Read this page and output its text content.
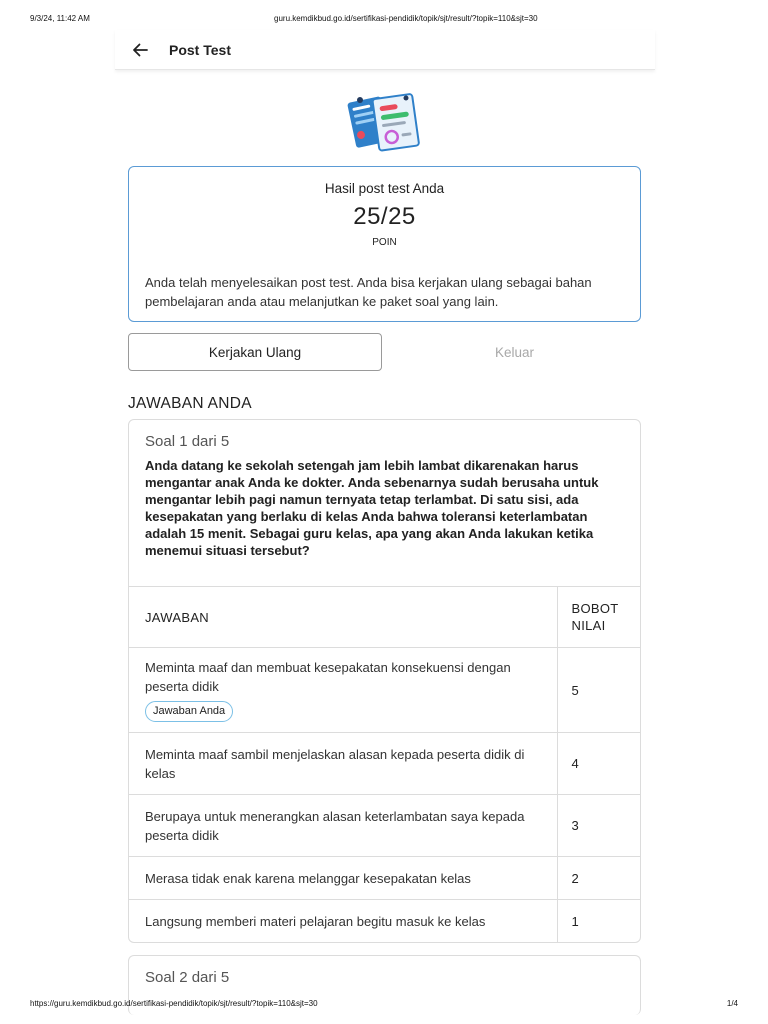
9/3/24, 11:42 AM	guru.kemdikbud.go.id/sertifikasi-pendidik/topik/sjt/result/?topik=110&sjt=30
Post Test
Hasil post test Anda
25/25
POIN
Anda telah menyelesaikan post test. Anda bisa kerjakan ulang sebagai bahan pembelajaran anda atau melanjutkan ke paket soal yang lain.
Kerjakan Ulang	Keluar
JAWABAN ANDA
Soal 1 dari 5
Anda datang ke sekolah setengah jam lebih lambat dikarenakan harus mengantar anak Anda ke dokter. Anda sebenarnya sudah berusaha untuk mengantar lebih pagi namun ternyata tetap terlambat. Di satu sisi, ada kesepakatan yang berlaku di kelas Anda bahwa toleransi keterlambatan adalah 15 menit. Sebagai guru kelas, apa yang akan Anda lakukan ketika menemui situasi tersebut?
JAWABAN	BOBOT
NILAI

Meminta maaf dan membuat kesepakatan konsekuensi dengan peserta didik
Jawaban Anda	5
Meminta maaf sambil menjelaskan alasan kepada peserta didik di kelas	4
Berupaya untuk menerangkan alasan keterlambatan saya kepada peserta didik	3
Merasa tidak enak karena melanggar kesepakatan kelas	2
Langsung memberi materi pelajaran begitu masuk ke kelas	1
Soal 2 dari 5
https://guru.kemdikbud.go.id/sertifikasi-pendidik/topik/sjt/result/?topik=110&sjt=30	1/4
